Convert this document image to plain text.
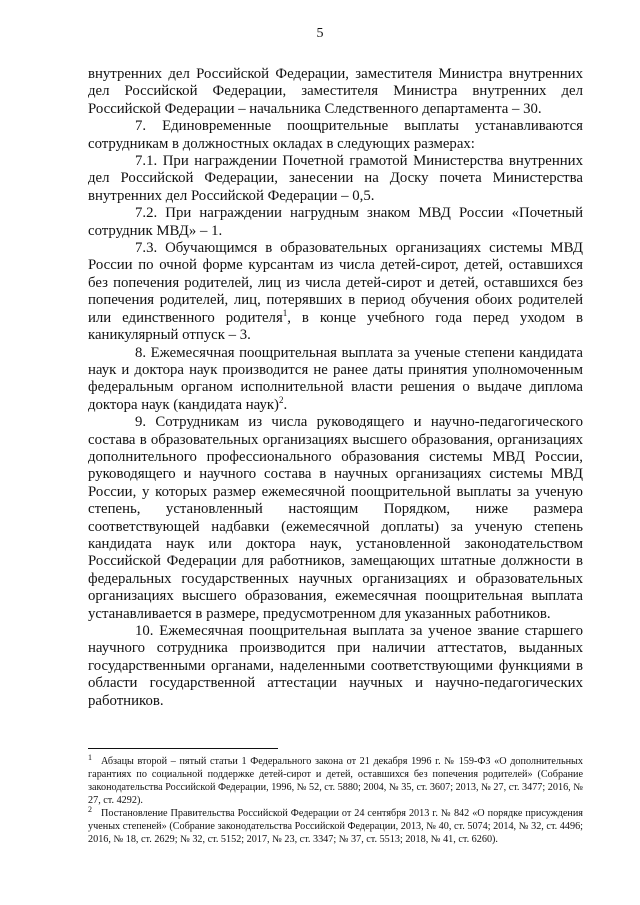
5

внутренних дел Российской Федерации, заместителя Министра внутренних дел Российской Федерации, заместителя Министра внутренних дел Российской Федерации – начальника Следственного департамента – 30.

7. Единовременные поощрительные выплаты устанавливаются сотрудникам в должностных окладах в следующих размерах:

7.1. При награждении Почетной грамотой Министерства внутренних дел Российской Федерации, занесении на Доску почета Министерства внутренних дел Российской Федерации – 0,5.

7.2. При награждении нагрудным знаком МВД России «Почетный сотрудник МВД» – 1.

7.3. Обучающимся в образовательных организациях системы МВД России по очной форме курсантам из числа детей-сирот, детей, оставшихся без попечения родителей, лиц из числа детей-сирот и детей, оставшихся без попечения родителей, лиц, потерявших в период обучения обоих родителей или единственного родителя$^1$, в конце учебного года перед уходом в каникулярный отпуск – 3.

8. Ежемесячная поощрительная выплата за ученые степени кандидата наук и доктора наук производится не ранее даты принятия уполномоченным федеральным органом исполнительной власти решения о выдаче диплома доктора наук (кандидата наук)$^2$.

9. Сотрудникам из числа руководящего и научно-педагогического состава в образовательных организациях высшего образования, организациях дополнительного профессионального образования системы МВД России, руководящего и научного состава в научных организациях системы МВД России, у которых размер ежемесячной поощрительной выплаты за ученую степень, установленный настоящим Порядком, ниже размера соответствующей надбавки (ежемесячной доплаты) за ученую степень кандидата наук или доктора наук, установленной законодательством Российской Федерации для работников, замещающих штатные должности в федеральных государственных научных организациях и образовательных организациях высшего образования, ежемесячная поощрительная выплата устанавливается в размере, предусмотренном для указанных работников.

10. Ежемесячная поощрительная выплата за ученое звание старшего научного сотрудника производится при наличии аттестатов, выданных государственными органами, наделенными соответствующими функциями в области государственной аттестации научных и научно-педагогических работников.

$^1$ Абзацы второй – пятый статьи 1 Федерального закона от 21 декабря 1996 г. № 159-ФЗ «О дополнительных гарантиях по социальной поддержке детей-сирот и детей, оставшихся без попечения родителей» (Собрание законодательства Российской Федерации, 1996, № 52, ст. 5880; 2004, № 35, ст. 3607; 2013, № 27, ст. 3477; 2016, № 27, ст. 4292).

$^2$ Постановление Правительства Российской Федерации от 24 сентября 2013 г. № 842 «О порядке присуждения ученых степеней» (Собрание законодательства Российской Федерации, 2013, № 40, ст. 5074; 2014, № 32, ст. 4496; 2016, № 18, ст. 2629; № 32, ст. 5152; 2017, № 23, ст. 3347; № 37, ст. 5513; 2018, № 41, ст. 6260).
